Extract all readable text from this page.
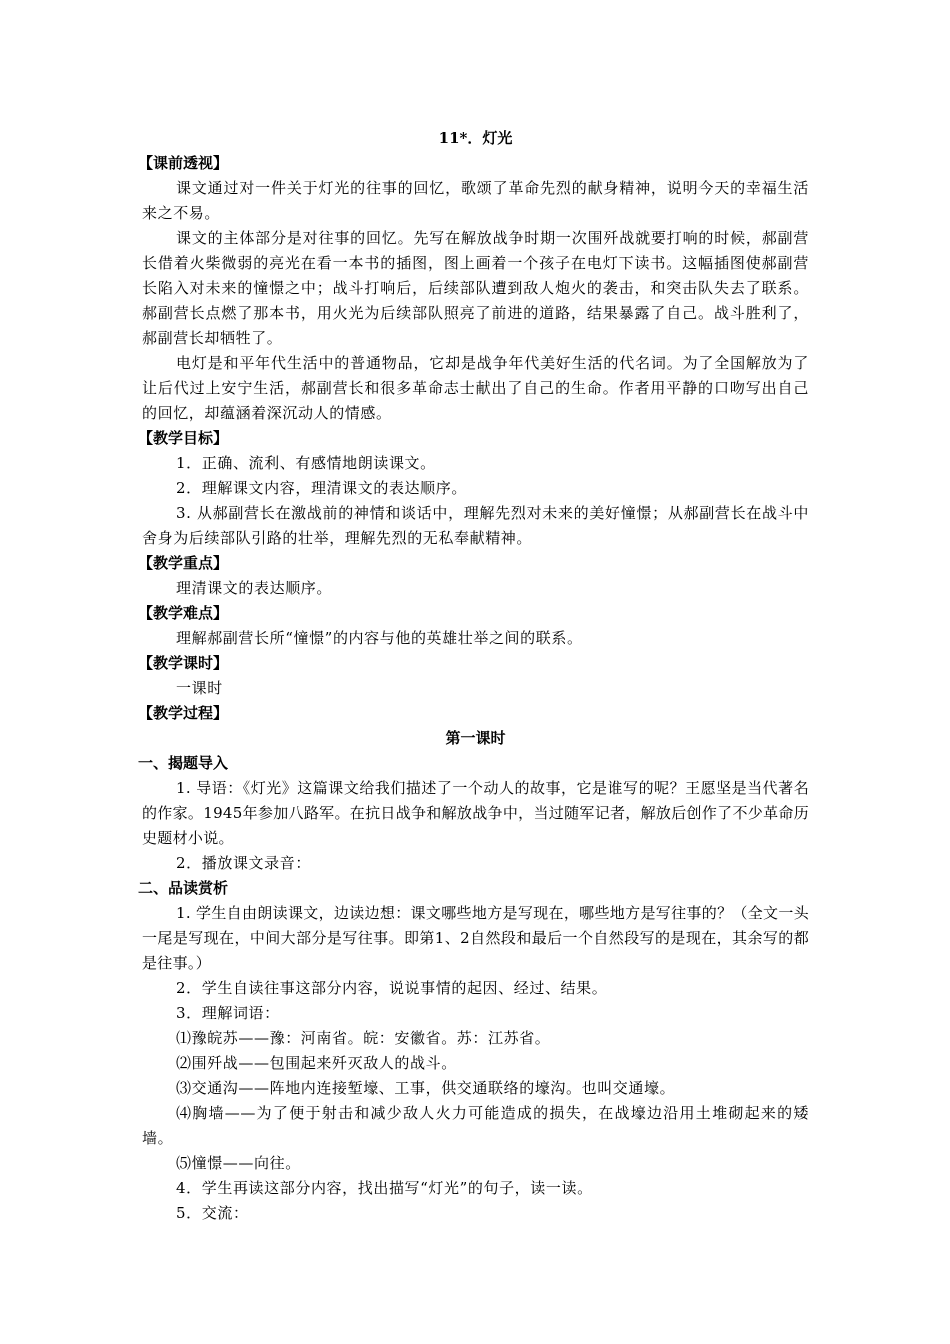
11*．灯光
【课前透视】
课文通过对一件关于灯光的往事的回忆，歌颂了革命先烈的献身精神，说明今天的幸福生活来之不易。
课文的主体部分是对往事的回忆。先写在解放战争时期一次围歼战就要打响的时候，郝副营长借着火柴微弱的亮光在看一本书的插图，图上画着一个孩子在电灯下读书。这幅插图使郝副营长陷入对未来的憧憬之中；战斗打响后，后续部队遭到敌人炮火的袭击，和突击队失去了联系。郝副营长点燃了那本书，用火光为后续部队照亮了前进的道路，结果暴露了自己。战斗胜利了，郝副营长却牺牲了。
电灯是和平年代生活中的普通物品，它却是战争年代美好生活的代名词。为了全国解放为了让后代过上安宁生活，郝副营长和很多革命志士献出了自己的生命。作者用平静的口吻写出自己的回忆，却蕴涵着深沉动人的情感。
【教学目标】
1．正确、流利、有感情地朗读课文。
2．理解课文内容，理清课文的表达顺序。
3. 从郝副营长在激战前的神情和谈话中，理解先烈对未来的美好憧憬；从郝副营长在战斗中舍身为后续部队引路的壮举，理解先烈的无私奉献精神。
【教学重点】
理清课文的表达顺序。
【教学难点】
理解郝副营长所“憧憬”的内容与他的英雄壮举之间的联系。
【教学课时】
一课时
【教学过程】
第一课时
一、揭题导入
1. 导语：《灯光》这篇课文给我们描述了一个动人的故事，它是谁写的呢？王愿坚是当代著名的作家。1945年参加八路军。在抗日战争和解放战争中，当过随军记者，解放后创作了不少革命历史题材小说。
2．播放课文录音：
二、品读赏析
1. 学生自由朗读课文，边读边想：课文哪些地方是写现在，哪些地方是写往事的？（全文一头一尾是写现在，中间大部分是写往事。即第1、2自然段和最后一个自然段写的是现在，其余写的都是往事。）
2．学生自读往事这部分内容，说说事情的起因、经过、结果。
3．理解词语：
⑴豫皖苏——豫：河南省。皖：安徽省。苏：江苏省。
⑵围歼战——包围起来歼灭敌人的战斗。
⑶交通沟——阵地内连接堑壕、工事，供交通联络的壕沟。也叫交通壕。
⑷胸墙——为了便于射击和减少敌人火力可能造成的损失，在战壕边沿用土堆砌起来的矮墙。
⑸憧憬——向往。
4．学生再读这部分内容，找出描写“灯光”的句子，读一读。
5．交流：
